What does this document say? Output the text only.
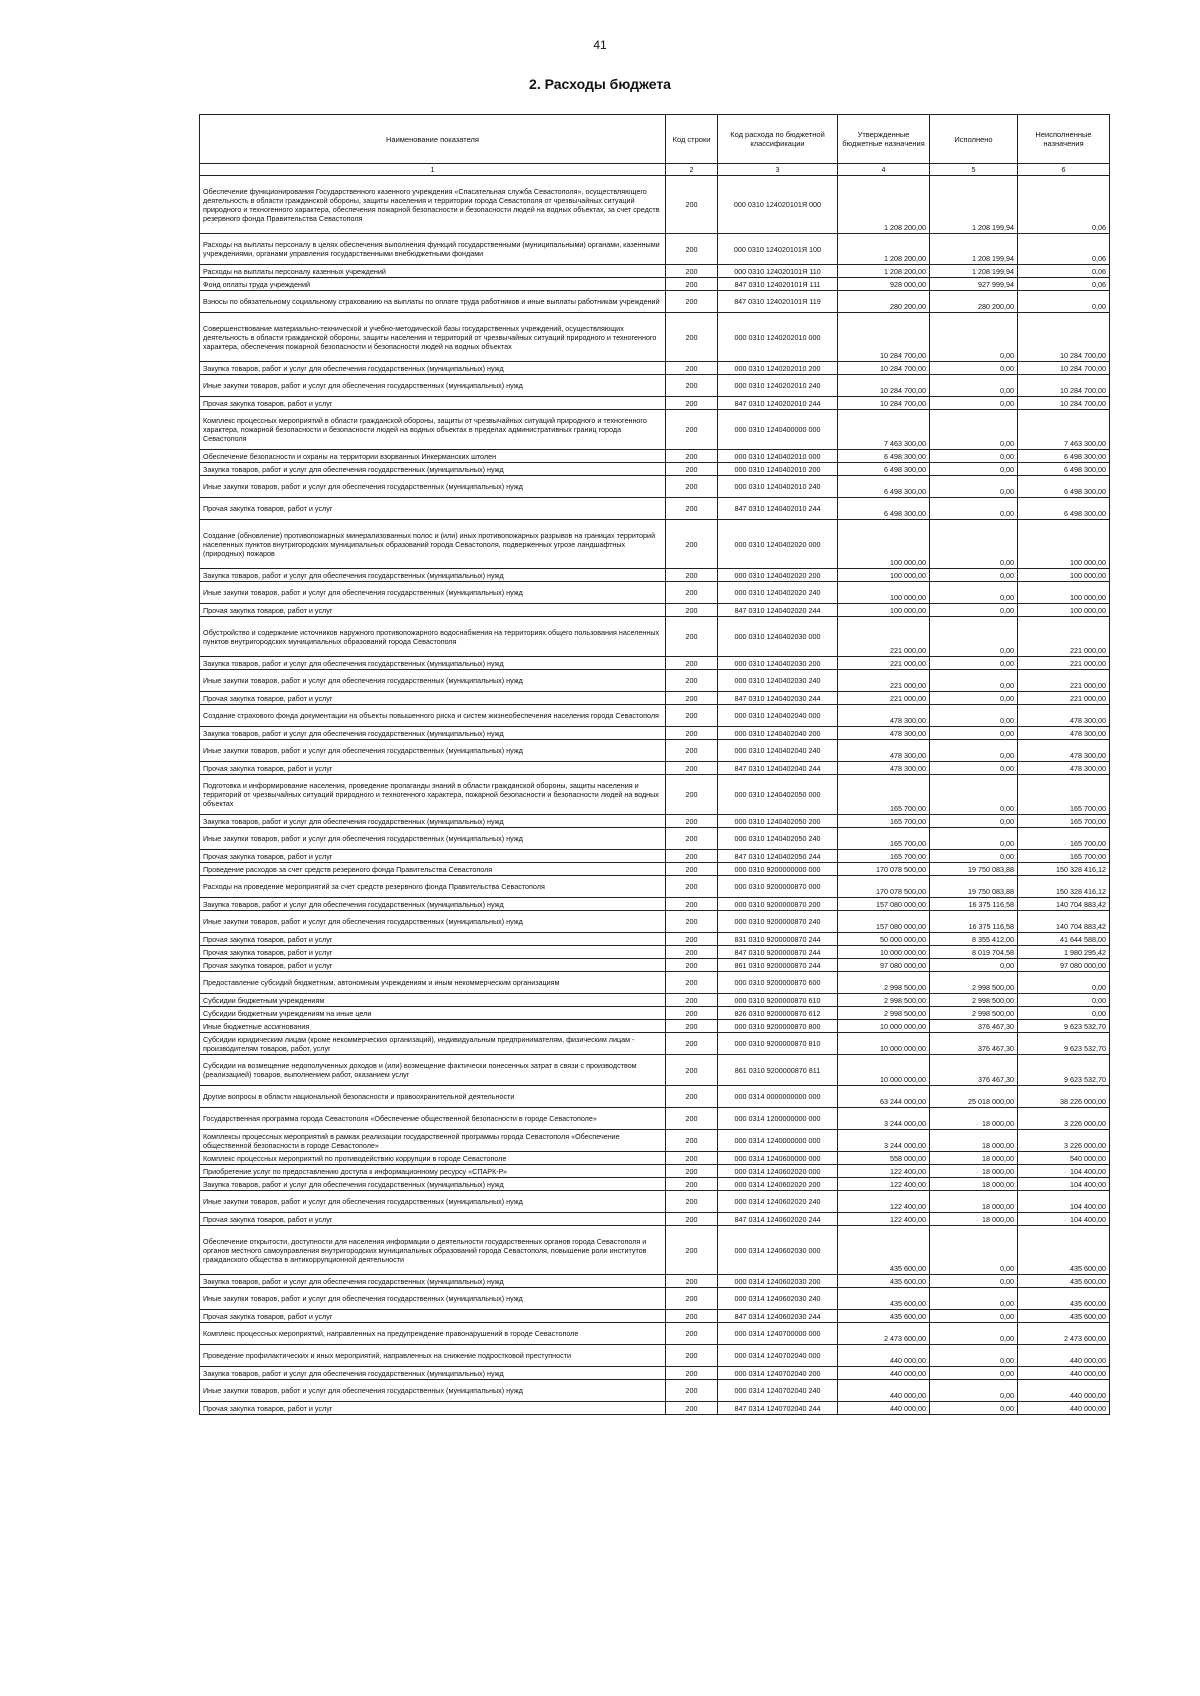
41
2. Расходы бюджета
Наименование показателя	Код строки	Код расхода по бюджетной классификации	Утвержденные бюджетные назначения	Исполнено	Неисполненные назначения
1	2	3	4	5	6
Обеспечение функционирования Государственного казенного учреждения «Спасательная служба Севастополя», осуществляющего деятельность в области гражданской обороны, защиты населения и территории города Севастополя от чрезвычайных ситуаций природного и техногенного характера, обеспечения пожарной безопасности и безопасности людей на водных объектах, за счет средств резервного фонда Правительства Севастополя	200	000 0310 124020101Я 000	1 208 200,00	1 208 199,94	0,06
Расходы на выплаты персоналу в целях обеспечения выполнения функций государственными (муниципальными) органами, казенными учреждениями, органами управления государственными внебюджетными фондами	200	000 0310 124020101Я 100	1 208 200,00	1 208 199,94	0,06
Расходы на выплаты персоналу казенных учреждений	200	000 0310 124020101Я 110	1 208 200,00	1 208 199,94	0,06
Фонд оплаты труда учреждений	200	847 0310 124020101Я 111	928 000,00	927 999,94	0,06
Взносы по обязательному социальному страхованию на выплаты по оплате труда работников и иные выплаты работникам учреждений	200	847 0310 124020101Я 119	280 200,00	280 200,00	0,00
Совершенствование материально-технической и учебно-методической базы государственных учреждений, осуществляющих деятельность в области гражданской обороны, защиты населения и территорий от чрезвычайных ситуаций природного и техногенного характера, обеспечения пожарной безопасности и безопасности людей на водных объектах	200	000 0310 1240202010 000	10 284 700,00	0,00	10 284 700,00
Закупка товаров, работ и услуг для обеспечения государственных (муниципальных) нужд	200	000 0310 1240202010 200	10 284 700,00	0,00	10 284 700,00
Иные закупки товаров, работ и услуг для обеспечения государственных (муниципальных) нужд	200	000 0310 1240202010 240	10 284 700,00	0,00	10 284 700,00
Прочая закупка товаров, работ и услуг	200	847 0310 1240202010 244	10 284 700,00	0,00	10 284 700,00
Комплекс процессных мероприятий в области гражданской обороны, защиты от чрезвычайных ситуаций природного и техногенного характера, пожарной безопасности и безопасности людей на водных объектах в пределах административных границ города Севастополя	200	000 0310 1240400000 000	7 463 300,00	0,00	7 463 300,00
Обеспечение безопасности и охраны на территории взорванных Инкерманских штолен	200	000 0310 1240402010 000	6 498 300,00	0,00	6 498 300,00
Закупка товаров, работ и услуг для обеспечения государственных (муниципальных) нужд	200	000 0310 1240402010 200	6 498 300,00	0,00	6 498 300,00
Иные закупки товаров, работ и услуг для обеспечения государственных (муниципальных) нужд	200	000 0310 1240402010 240	6 498 300,00	0,00	6 498 300,00
Прочая закупка товаров, работ и услуг	200	847 0310 1240402010 244	6 498 300,00	0,00	6 498 300,00
Создание (обновление) противопожарных минерализованных полос и (или) иных противопожарных разрывов на границах территорий населенных пунктов внутригородских муниципальных образований города Севастополя, подверженных угрозе ландшафтных (природных) пожаров	200	000 0310 1240402020 000	100 000,00	0,00	100 000,00
Закупка товаров, работ и услуг для обеспечения государственных (муниципальных) нужд	200	000 0310 1240402020 200	100 000,00	0,00	100 000,00
Иные закупки товаров, работ и услуг для обеспечения государственных (муниципальных) нужд	200	000 0310 1240402020 240	100 000,00	0,00	100 000,00
Прочая закупка товаров, работ и услуг	200	847 0310 1240402020 244	100 000,00	0,00	100 000,00
Обустройство и содержание источников наружного противопожарного водоснабжения на территориях общего пользования населенных пунктов внутригородских муниципальных образований города Севастополя	200	000 0310 1240402030 000	221 000,00	0,00	221 000,00
Закупка товаров, работ и услуг для обеспечения государственных (муниципальных) нужд	200	000 0310 1240402030 200	221 000,00	0,00	221 000,00
Иные закупки товаров, работ и услуг для обеспечения государственных (муниципальных) нужд	200	000 0310 1240402030 240	221 000,00	0,00	221 000,00
Прочая закупка товаров, работ и услуг	200	847 0310 1240402030 244	221 000,00	0,00	221 000,00
Создание страхового фонда документации на объекты повышенного риска и систем жизнеобеспечения населения города Севастополя	200	000 0310 1240402040 000	478 300,00	0,00	478 300,00
Закупка товаров, работ и услуг для обеспечения государственных (муниципальных) нужд	200	000 0310 1240402040 200	478 300,00	0,00	478 300,00
Иные закупки товаров, работ и услуг для обеспечения государственных (муниципальных) нужд	200	000 0310 1240402040 240	478 300,00	0,00	478 300,00
Прочая закупка товаров, работ и услуг	200	847 0310 1240402040 244	478 300,00	0,00	478 300,00
Подготовка и информирование населения, проведение пропаганды знаний в области гражданской обороны, защиты населения и территорий от чрезвычайных ситуаций природного и техногенного характера, пожарной безопасности и безопасности людей на водных объектах	200	000 0310 1240402050 000	165 700,00	0,00	165 700,00
Закупка товаров, работ и услуг для обеспечения государственных (муниципальных) нужд	200	000 0310 1240402050 200	165 700,00	0,00	165 700,00
Иные закупки товаров, работ и услуг для обеспечения государственных (муниципальных) нужд	200	000 0310 1240402050 240	165 700,00	0,00	165 700,00
Прочая закупка товаров, работ и услуг	200	847 0310 1240402050 244	165 700,00	0,00	165 700,00
Проведение расходов за счет средств резервного фонда Правительства Севастополя	200	000 0310 9200000000 000	170 078 500,00	19 750 083,88	150 328 416,12
Расходы на проведение мероприятий за счет средств резервного фонда Правительства Севастополя	200	000 0310 9200000870 000	170 078 500,00	19 750 083,88	150 328 416,12
Закупка товаров, работ и услуг для обеспечения государственных (муниципальных) нужд	200	000 0310 9200000870 200	157 080 000,00	16 375 116,58	140 704 883,42
Иные закупки товаров, работ и услуг для обеспечения государственных (муниципальных) нужд	200	000 0310 9200000870 240	157 080 000,00	16 375 116,58	140 704 883,42
Прочая закупка товаров, работ и услуг	200	831 0310 9200000870 244	50 000 000,00	8 355 412,00	41 644 588,00
Прочая закупка товаров, работ и услуг	200	847 0310 9200000870 244	10 000 000,00	8 019 704,58	1 980 295,42
Прочая закупка товаров, работ и услуг	200	861 0310 9200000870 244	97 080 000,00	0,00	97 080 000,00
Предоставление субсидий бюджетным, автономным учреждениям и иным некоммерческим организациям	200	000 0310 9200000870 600	2 998 500,00	2 998 500,00	0,00
Субсидии бюджетным учреждениям	200	000 0310 9200000870 610	2 998 500,00	2 998 500,00	0,00
Субсидии бюджетным учреждениям на иные цели	200	826 0310 9200000870 612	2 998 500,00	2 998 500,00	0,00
Иные бюджетные ассигнования	200	000 0310 9200000870 800	10 000 000,00	376 467,30	9 623 532,70
Субсидии юридическим лицам (кроме некоммерческих организаций), индивидуальным предпринимателям, физическим лицам - производителям товаров, работ, услуг	200	000 0310 9200000870 810	10 000 000,00	376 467,30	9 623 532,70
Субсидии на возмещение недополученных доходов и (или) возмещение фактически понесенных затрат в связи с производством (реализацией) товаров, выполнением работ, оказанием услуг	200	861 0310 9200000870 811	10 000 000,00	376 467,30	9 623 532,70
Другие вопросы в области национальной безопасности и правоохранительной деятельности	200	000 0314 0000000000 000	63 244 000,00	25 018 000,00	38 226 000,00
Государственная программа города Севастополя «Обеспечение общественной безопасности в городе Севастополе»	200	000 0314 1200000000 000	3 244 000,00	18 000,00	3 226 000,00
Комплексы процессных мероприятий в рамках реализации государственной программы города Севастополя «Обеспечение общественной безопасности в городе Севастополе»	200	000 0314 1240000000 000	3 244 000,00	18 000,00	3 226 000,00
Комплекс процессных мероприятий по противодействию коррупции в городе Севастополе	200	000 0314 1240600000 000	558 000,00	18 000,00	540 000,00
Приобретение услуг по предоставлению доступа к информационному ресурсу «СПАРК-Р»	200	000 0314 1240602020 000	122 400,00	18 000,00	104 400,00
Закупка товаров, работ и услуг для обеспечения государственных (муниципальных) нужд	200	000 0314 1240602020 200	122 400,00	18 000,00	104 400,00
Иные закупки товаров, работ и услуг для обеспечения государственных (муниципальных) нужд	200	000 0314 1240602020 240	122 400,00	18 000,00	104 400,00
Прочая закупка товаров, работ и услуг	200	847 0314 1240602020 244	122 400,00	18 000,00	104 400,00
Обеспечение открытости, доступности для населения информации о деятельности государственных органов города Севастополя и органов местного самоуправления внутригородских муниципальных образований города Севастополя, повышение роли институтов гражданского общества в антикоррупционной деятельности	200	000 0314 1240602030 000	435 600,00	0,00	435 600,00
Закупка товаров, работ и услуг для обеспечения государственных (муниципальных) нужд	200	000 0314 1240602030 200	435 600,00	0,00	435 600,00
Иные закупки товаров, работ и услуг для обеспечения государственных (муниципальных) нужд	200	000 0314 1240602030 240	435 600,00	0,00	435 600,00
Прочая закупка товаров, работ и услуг	200	847 0314 1240602030 244	435 600,00	0,00	435 600,00
Комплекс процессных мероприятий, направленных на предупреждение правонарушений в городе Севастополе	200	000 0314 1240700000 000	2 473 600,00	0,00	2 473 600,00
Проведение профилактических и иных мероприятий, направленных на снижение подростковой преступности	200	000 0314 1240702040 000	440 000,00	0,00	440 000,00
Закупка товаров, работ и услуг для обеспечения государственных (муниципальных) нужд	200	000 0314 1240702040 200	440 000,00	0,00	440 000,00
Иные закупки товаров, работ и услуг для обеспечения государственных (муниципальных) нужд	200	000 0314 1240702040 240	440 000,00	0,00	440 000,00
Прочая закупка товаров, работ и услуг	200	847 0314 1240702040 244	440 000,00	0,00	440 000,00
